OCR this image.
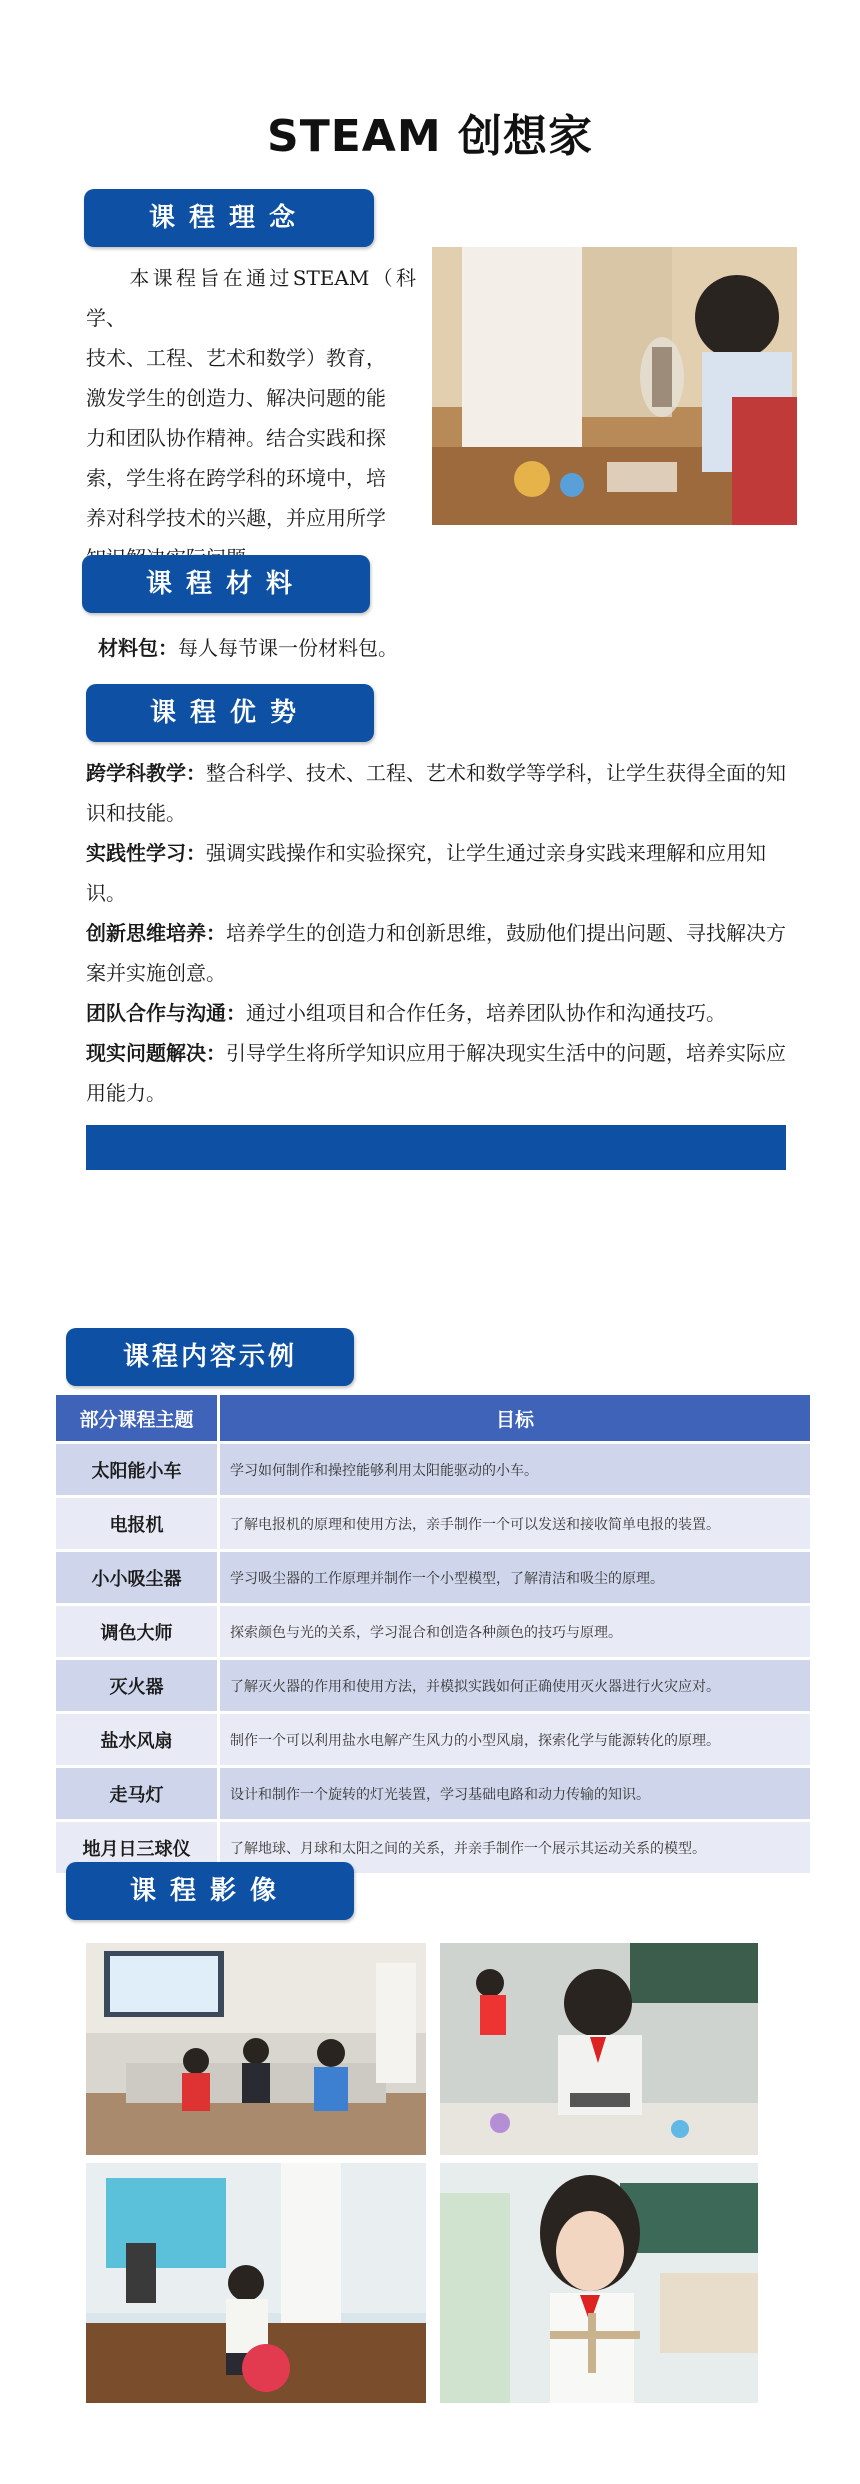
STEAM 创想家
课程理念
本课程旨在通过STEAM（科学、
技术、工程、艺术和数学）教育，
激发学生的创造力、解决问题的能
力和团队协作精神。结合实践和探
索，学生将在跨学科的环境中，培
养对科学技术的兴趣，并应用所学
课程材料
材料包：每人每节课一份材料包。
课程优势

跨学科教学：整合科学、技术、工程、艺术和数学等学科，让学生获得全面的知识和技能。

实践性学习：强调实践操作和实验探究，让学生通过亲身实践来理解和应用知识。

创新思维培养：培养学生的创造力和创新思维，鼓励他们提出问题、寻找解决方案并实施创意。

团队合作与沟通：通过小组项目和合作任务，培养团队协作和沟通技巧。

现实问题解决：引导学生将所学知识应用于解决现实生活中的问题，培养实际应用能力。

课程内容示例
部分课程主题	目标
太阳能小车	学习如何制作和操控能够利用太阳能驱动的小车。
电报机	了解电报机的原理和使用方法，亲手制作一个可以发送和接收简单电报的装置。
小小吸尘器	学习吸尘器的工作原理并制作一个小型模型，了解清洁和吸尘的原理。
调色大师	探索颜色与光的关系，学习混合和创造各种颜色的技巧与原理。
灭火器	了解灭火器的作用和使用方法，并模拟实践如何正确使用灭火器进行火灾应对。
盐水风扇	制作一个可以利用盐水电解产生风力的小型风扇，探索化学与能源转化的原理。
走马灯	设计和制作一个旋转的灯光装置，学习基础电路和动力传输的知识。
地月日三球仪	了解地球、月球和太阳之间的关系，并亲手制作一个展示其运动关系的模型。
课程影像
